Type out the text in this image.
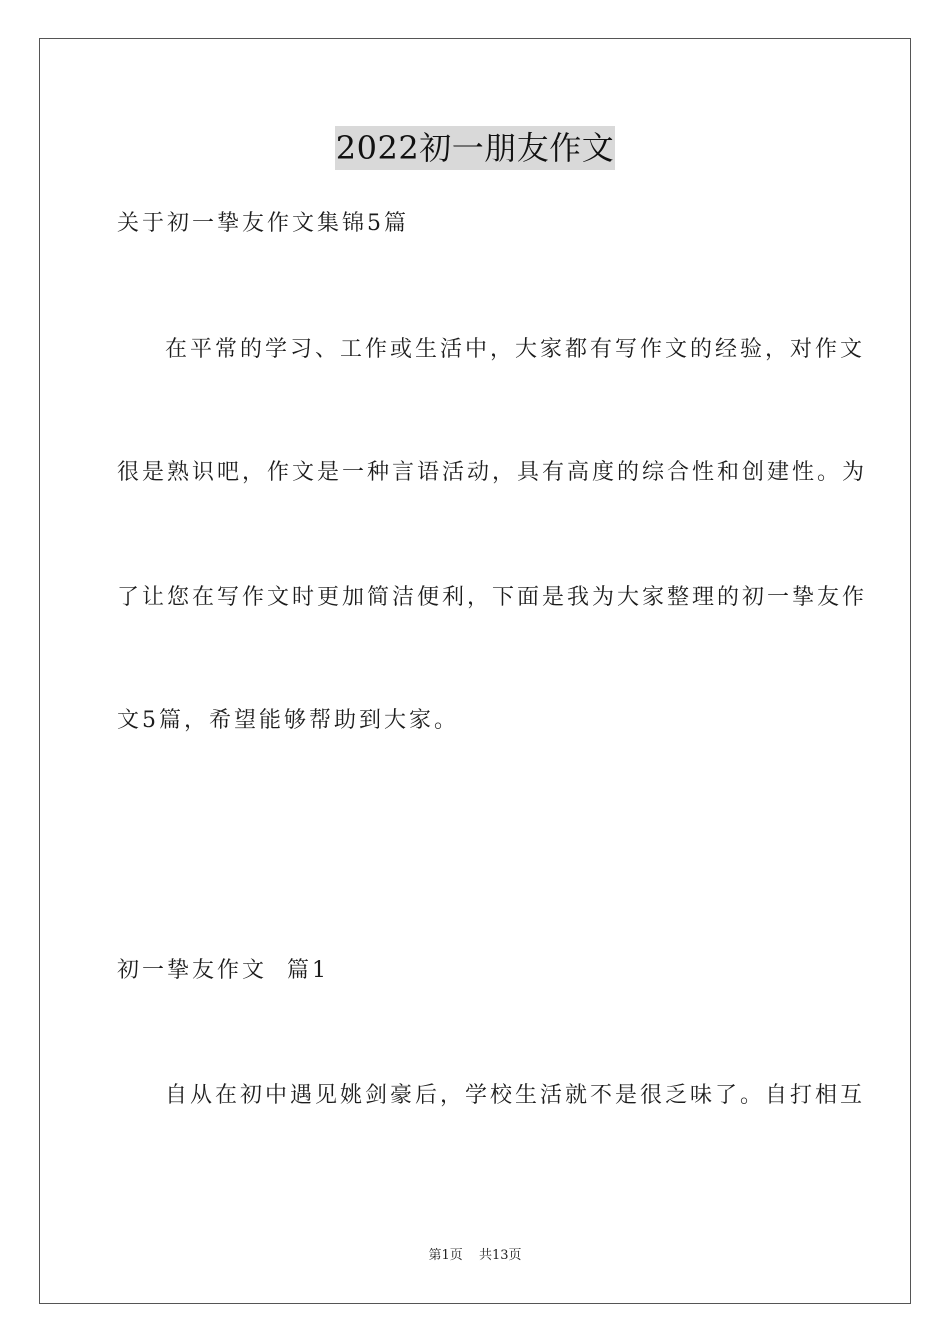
2022初一朋友作文
关于初一挚友作文集锦5篇
在平常的学习、工作或生活中，大家都有写作文的经验，对作文
很是熟识吧，作文是一种言语活动，具有高度的综合性和创建性。为
了让您在写作文时更加简洁便利，下面是我为大家整理的初一挚友作
文5篇，希望能够帮助到大家。
初一挚友作文  篇1
自从在初中遇见姚剑豪后，学校生活就不是很乏味了。自打相互
第1页 共13页
